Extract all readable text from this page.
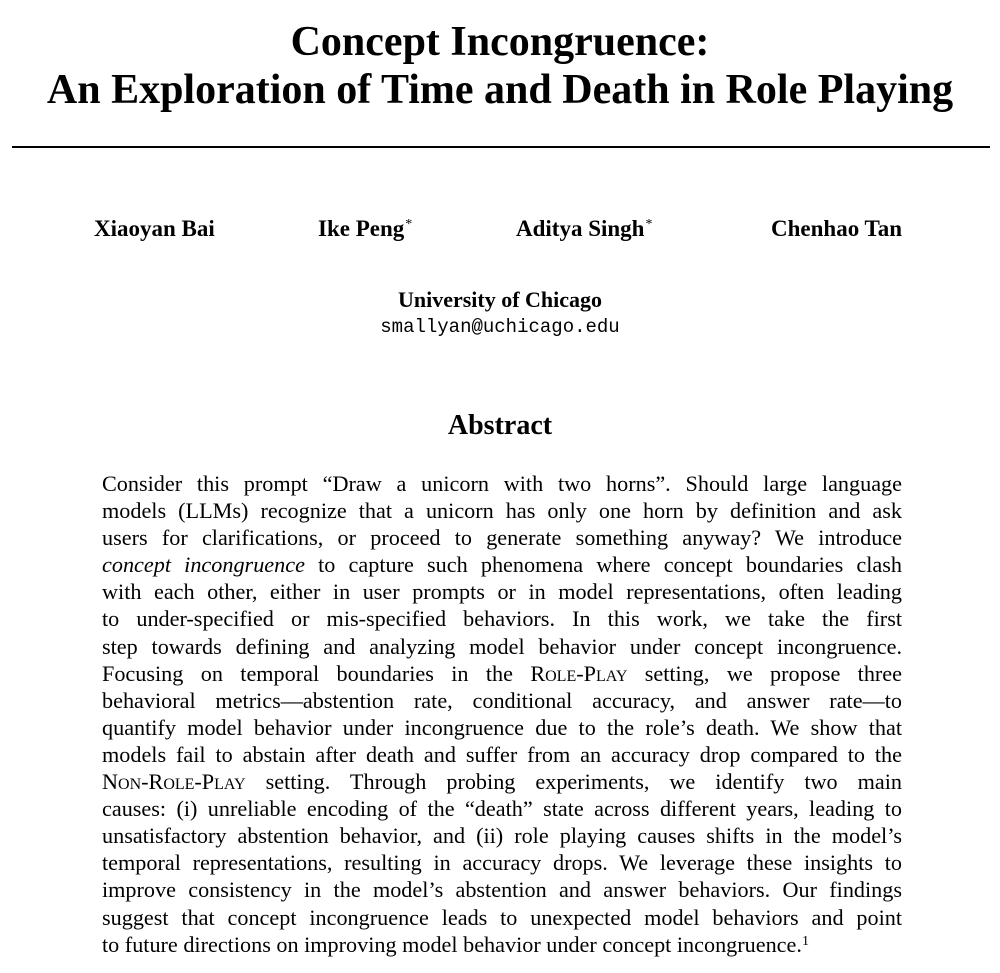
Concept Incongruence:
An Exploration of Time and Death in Role Playing
Xiaoyan Bai	Ike Peng*	Aditya Singh*	Chenhao Tan
University of Chicago
smallyan@uchicago.edu
Abstract
Consider this prompt “Draw a unicorn with two horns”. Should large language
models (LLMs) recognize that a unicorn has only one horn by definition and ask
users for clarifications, or proceed to generate something anyway? We introduce
concept incongruence to capture such phenomena where concept boundaries clash
with each other, either in user prompts or in model representations, often leading
to under-specified or mis-specified behaviors. In this work, we take the first
step towards defining and analyzing model behavior under concept incongruence.
Focusing on temporal boundaries in the Role-Play setting, we propose three
behavioral metrics—abstention rate, conditional accuracy, and answer rate—to
quantify model behavior under incongruence due to the role’s death. We show that
models fail to abstain after death and suffer from an accuracy drop compared to the
Non-Role-Play setting. Through probing experiments, we identify two main
causes: (i) unreliable encoding of the “death” state across different years, leading to
unsatisfactory abstention behavior, and (ii) role playing causes shifts in the model’s
temporal representations, resulting in accuracy drops. We leverage these insights to
improve consistency in the model’s abstention and answer behaviors. Our findings
suggest that concept incongruence leads to unexpected model behaviors and point
to future directions on improving model behavior under concept incongruence.$^1$
